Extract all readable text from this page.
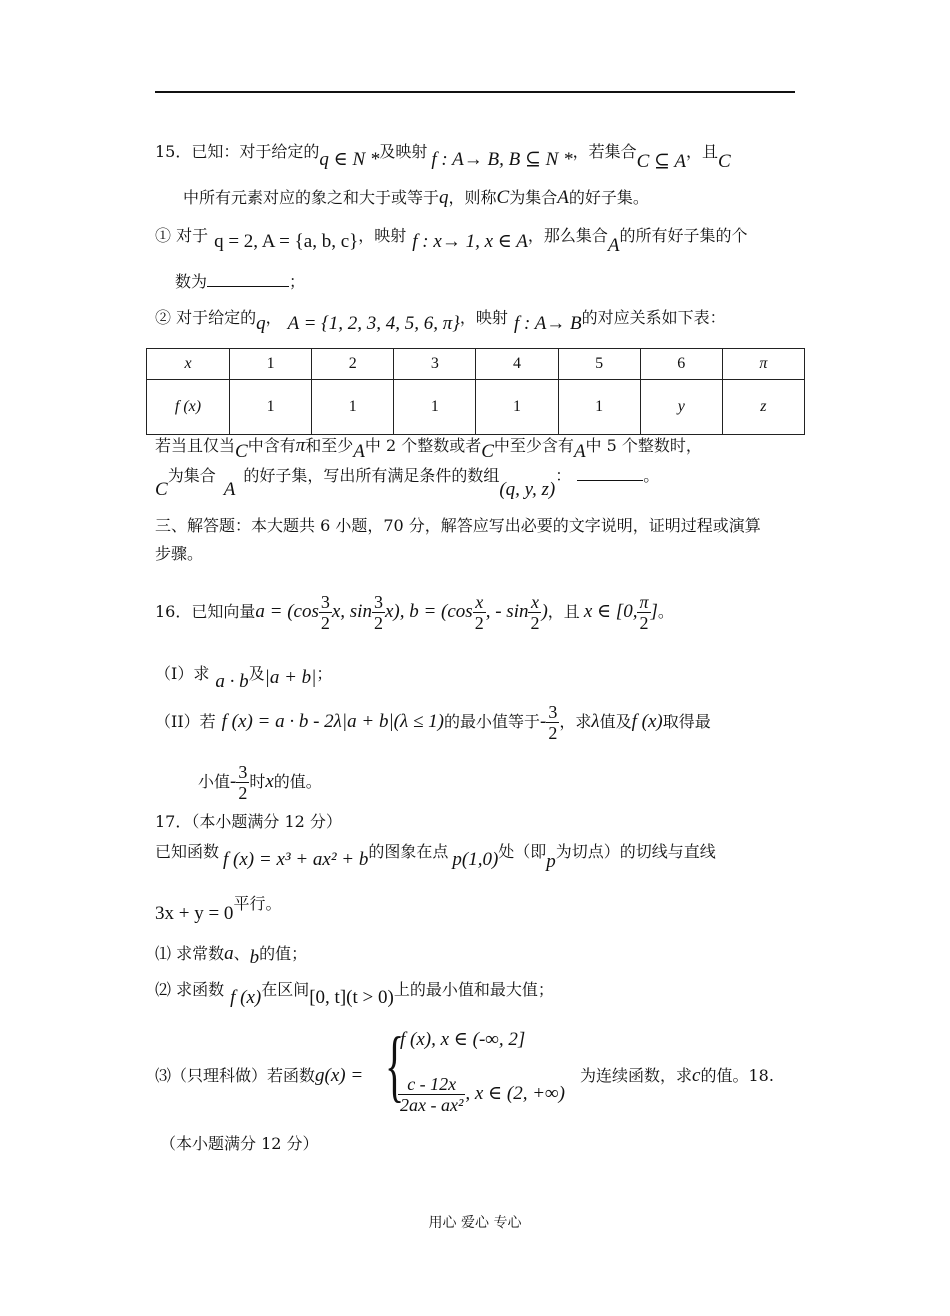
15．已知：对于给定的q ∈ N *及映射 f : A→ B, B ⊆ N *，若集合C ⊆ A，且C
中所有元素对应的象之和大于或等于q，则称C为集合A的好子集。
① 对于 q = 2, A = {a, b, c}，映射 f : x→ 1, x ∈ A，那么集合A的所有好子集的个
数为	；
② 对于给定的q， A = {1, 2, 3, 4, 5, 6, π}，映射 f : A→ B的对应关系如下表：
x	1	2	3	4	5	6	π
f (x)	1	1	1	1	1	y	z
若当且仅当C中含有π和至少A中 2 个整数或者C中至少含有A中 5 个整数时，
C为集合A的好子集，写出所有满足条件的数组(q, y, z)：	。
三、解答题：本大题共 6 小题，70 分，解答应写出必要的文字说明，证明过程或演算
步骤。
16．已知向量$a = (\cos \frac{3}{2} x$, $\sin \frac{3}{2} x$), $b = (\cos \frac{x}{2}$ , - $\sin \frac{x}{2}$ )，且 x ∈ [0, $\frac{\pi}{2}$ ]。
（I）求 a · b及|a + b|；
（II）若 f (x) = a · b - 2λ|a + b|(λ ≤ 1)的最小值等于- $\frac{3}{2}$ ，求λ值及f (x)取得最
小值- $\frac{3}{2}$ 时x的值。
17．（本小题满分 12 分）
已知函数 f (x) = x³ + ax² + b的图象在点 p(1,0)处（即p为切点）的切线与直线
3x + y = 0平行。
⑴ 求常数a、b的值；
⑵ 求函数 f (x)在区间[0, t](t > 0)上的最小值和最大值；
⑶（只理科做）若函数g(x) = {
f (x), x ∈ (-∞, 2]
$\frac{c - 12x}{\text{2ax - ax²}}$ , x ∈ (2, +∞)
为连续函数，求c的值。18.
（本小题满分 12 分）
用心 爱心 专心
